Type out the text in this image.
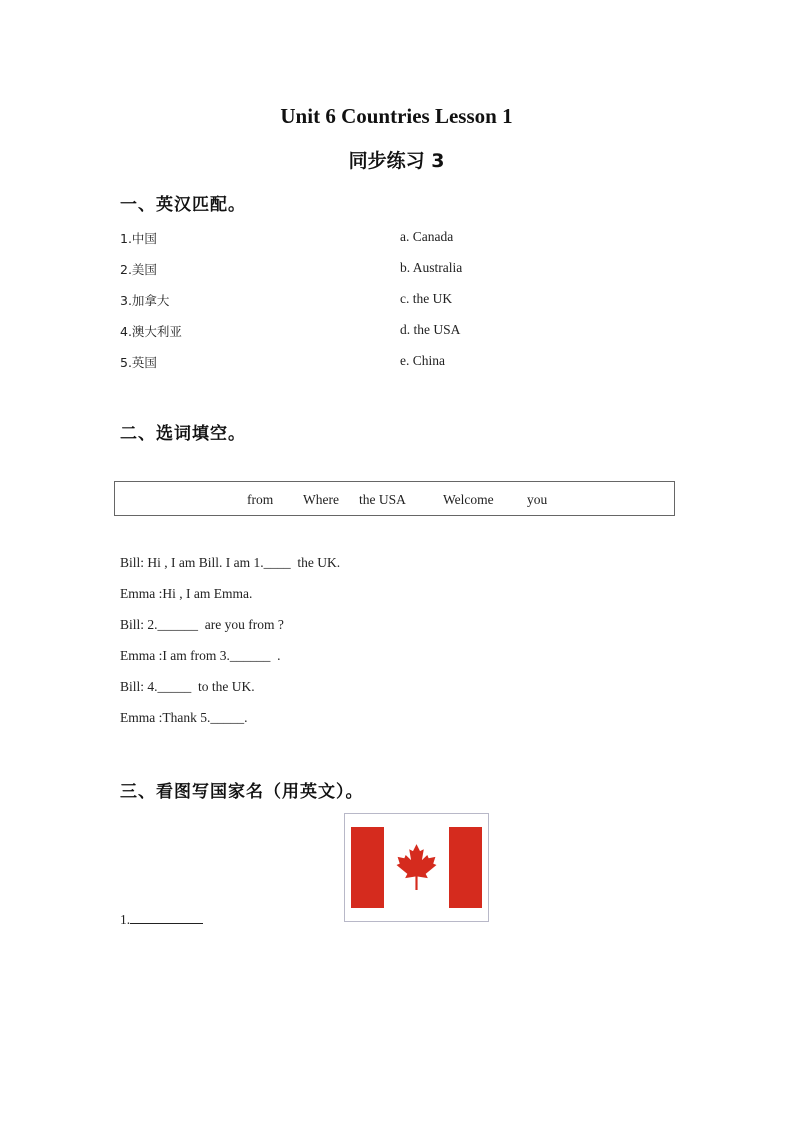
Unit 6 Countries Lesson 1
同步练习 3
一、英汉匹配。
1.中国
2.美国
3.加拿大
4.澳大利亚
5.英国
a. Canada
b. Australia
c. the UK
d. the USA
e. China
二、选词填空。
from Where the USA	Welcome you
Bill: Hi , I am Bill. I am 1.____  the UK.
Emma :Hi , I am Emma.
Bill: 2.______  are you from ?
Emma :I am from 3.______  .
Bill: 4._____  to the UK.
Emma :Thank 5._____.
三、看图写国家名（用英文）。
1.
